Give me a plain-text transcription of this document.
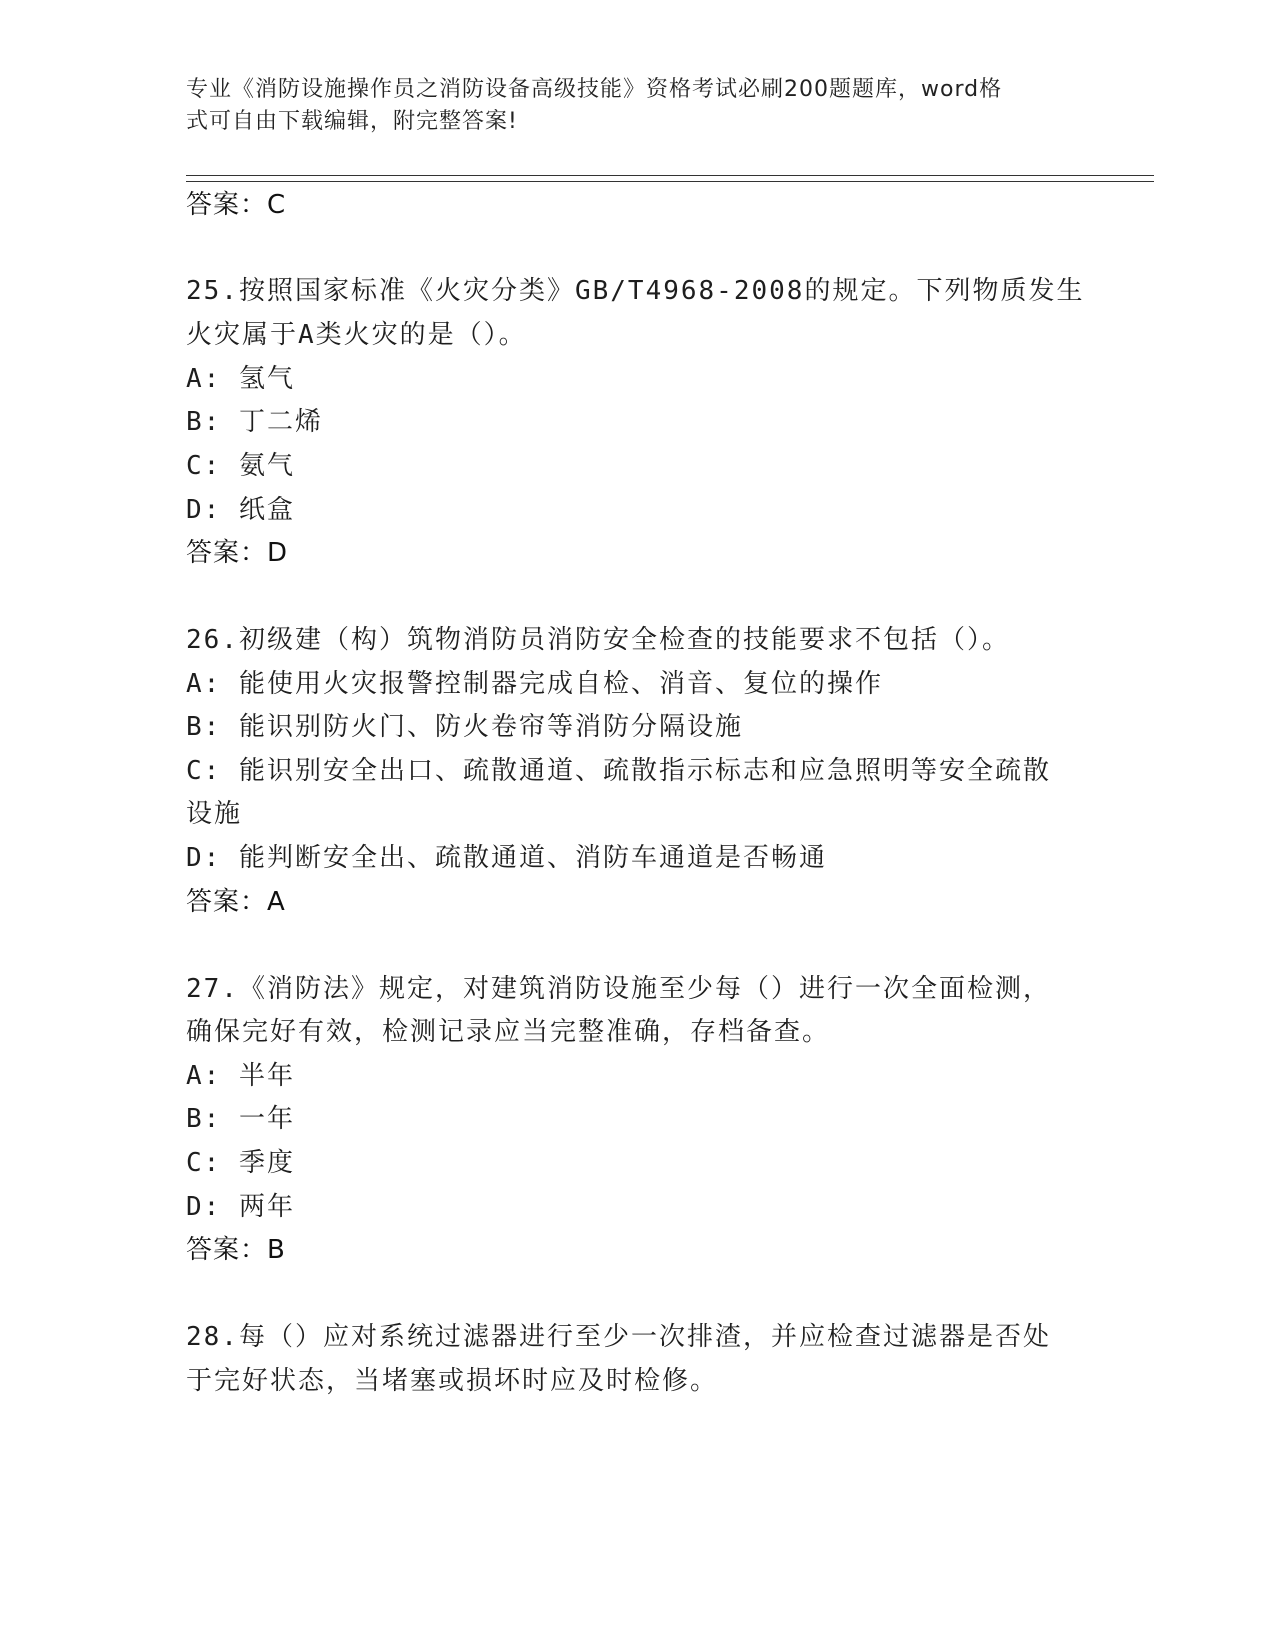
专业《消防设施操作员之消防设备高级技能》资格考试必刷200题题库，word格
式可自由下载编辑，附完整答案!
答案：C
25.按照国家标准《火灾分类》GB/T4968-2008的规定。下列物质发生
火灾属于A类火灾的是（）。
A: 氢气
B: 丁二烯
C: 氨气
D: 纸盒
答案：D
26.初级建（构）筑物消防员消防安全检查的技能要求不包括（）。
A: 能使用火灾报警控制器完成自检、消音、复位的操作
B: 能识别防火门、防火卷帘等消防分隔设施
C: 能识别安全出口、疏散通道、疏散指示标志和应急照明等安全疏散
设施
D: 能判断安全出、疏散通道、消防车通道是否畅通
答案：A
27.《消防法》规定，对建筑消防设施至少每（）进行一次全面检测，
确保完好有效，检测记录应当完整准确，存档备查。
A: 半年
B: 一年
C: 季度
D: 两年
答案：B
28.每（）应对系统过滤器进行至少一次排渣，并应检查过滤器是否处
于完好状态，当堵塞或损坏时应及时检修。
